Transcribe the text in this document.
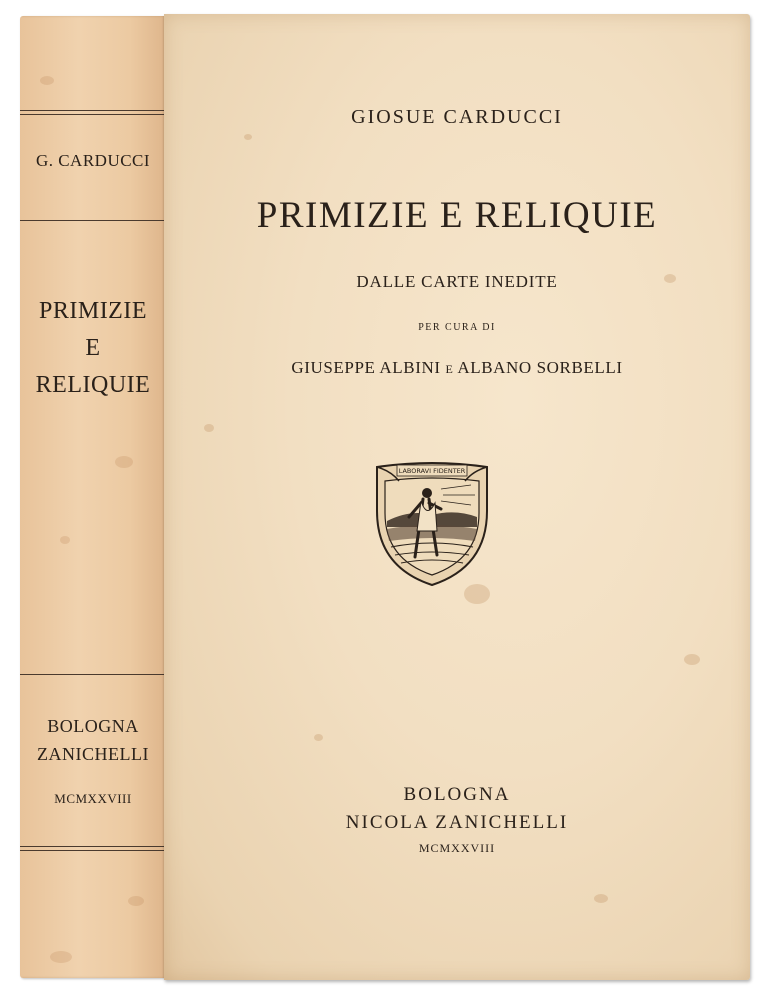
G. CARDUCCI
PRIMIZIE
E
RELIQUIE
BOLOGNA
ZANICHELLI
MCMXXVIII
GIOSUE CARDUCCI
PRIMIZIE E RELIQUIE
DALLE CARTE INEDITE
PER CURA DI
GIUSEPPE ALBINI E ALBANO SORBELLI
LABORAVI FIDENTER
BOLOGNA
NICOLA ZANICHELLI
MCMXXVIII
